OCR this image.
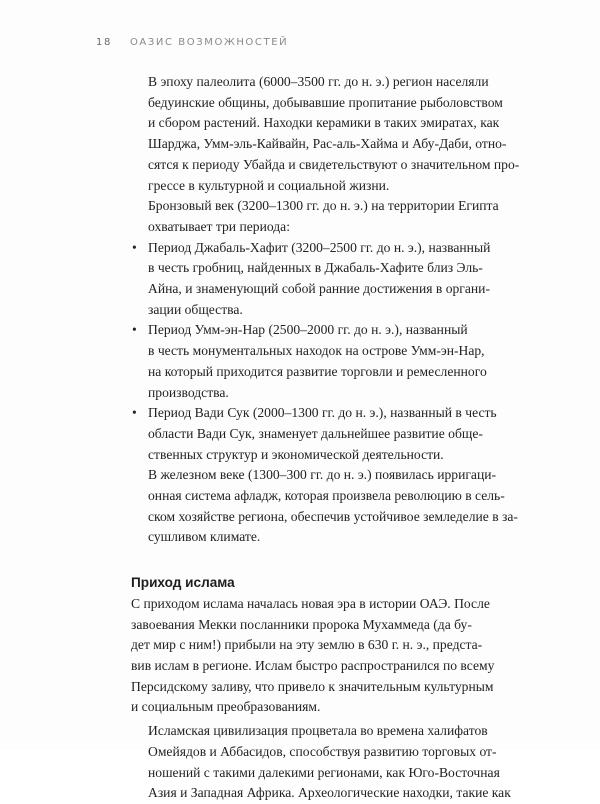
18 ОАЗИС ВОЗМОЖНОСТЕЙ

В эпоху палеолита (6000–3500 гг. до н. э.) регион населяли
бедуинские общины, добывавшие пропитание рыболовством
и сбором растений. Находки керамики в таких эмиратах, как
Шарджа, Умм-эль-Кайвайн, Рас-аль-Хайма и Абу-Даби, отно-
сятся к периоду Убайда и свидетельствуют о значительном про-
грессе в культурной и социальной жизни.

Бронзовый век (3200–1300 гг. до н. э.) на территории Египта
охватывает три периода:

• Период Джабаль-Хафит (3200–2500 гг. до н. э.), названный
в честь гробниц, найденных в Джабаль-Хафите близ Эль-
Айна, и знаменующий собой ранние достижения в органи-
зации общества.
• Период Умм-эн-Нар (2500–2000 гг. до н. э.), названный
в честь монументальных находок на острове Умм-эн-Нар,
на который приходится развитие торговли и ремесленного
производства.
• Период Вади Сук (2000–1300 гг. до н. э.), названный в честь
области Вади Сук, знаменует дальнейшее развитие обще-
ственных структур и экономической деятельности.

В железном веке (1300–300 гг. до н. э.) появилась ирригаци-
онная система афладж, которая произвела революцию в сель-
ском хозяйстве региона, обеспечив устойчивое земледелие в за-
сушливом климате.

Приход ислама

С приходом ислама началась новая эра в истории ОАЭ. После
завоевания Мекки посланники пророка Мухаммеда (да бу-
дет мир с ним!) прибыли на эту землю в 630 г. н. э., предста-
вив ислам в регионе. Ислам быстро распространился по всему
Персидскому заливу, что привело к значительным культурным
и социальным преобразованиям.

Исламская цивилизация процветала во времена халифатов
Омейядов и Аббасидов, способствуя развитию торговых от-
ношений с такими далекими регионами, как Юго-Восточная
Азия и Западная Африка. Археологические находки, такие как
